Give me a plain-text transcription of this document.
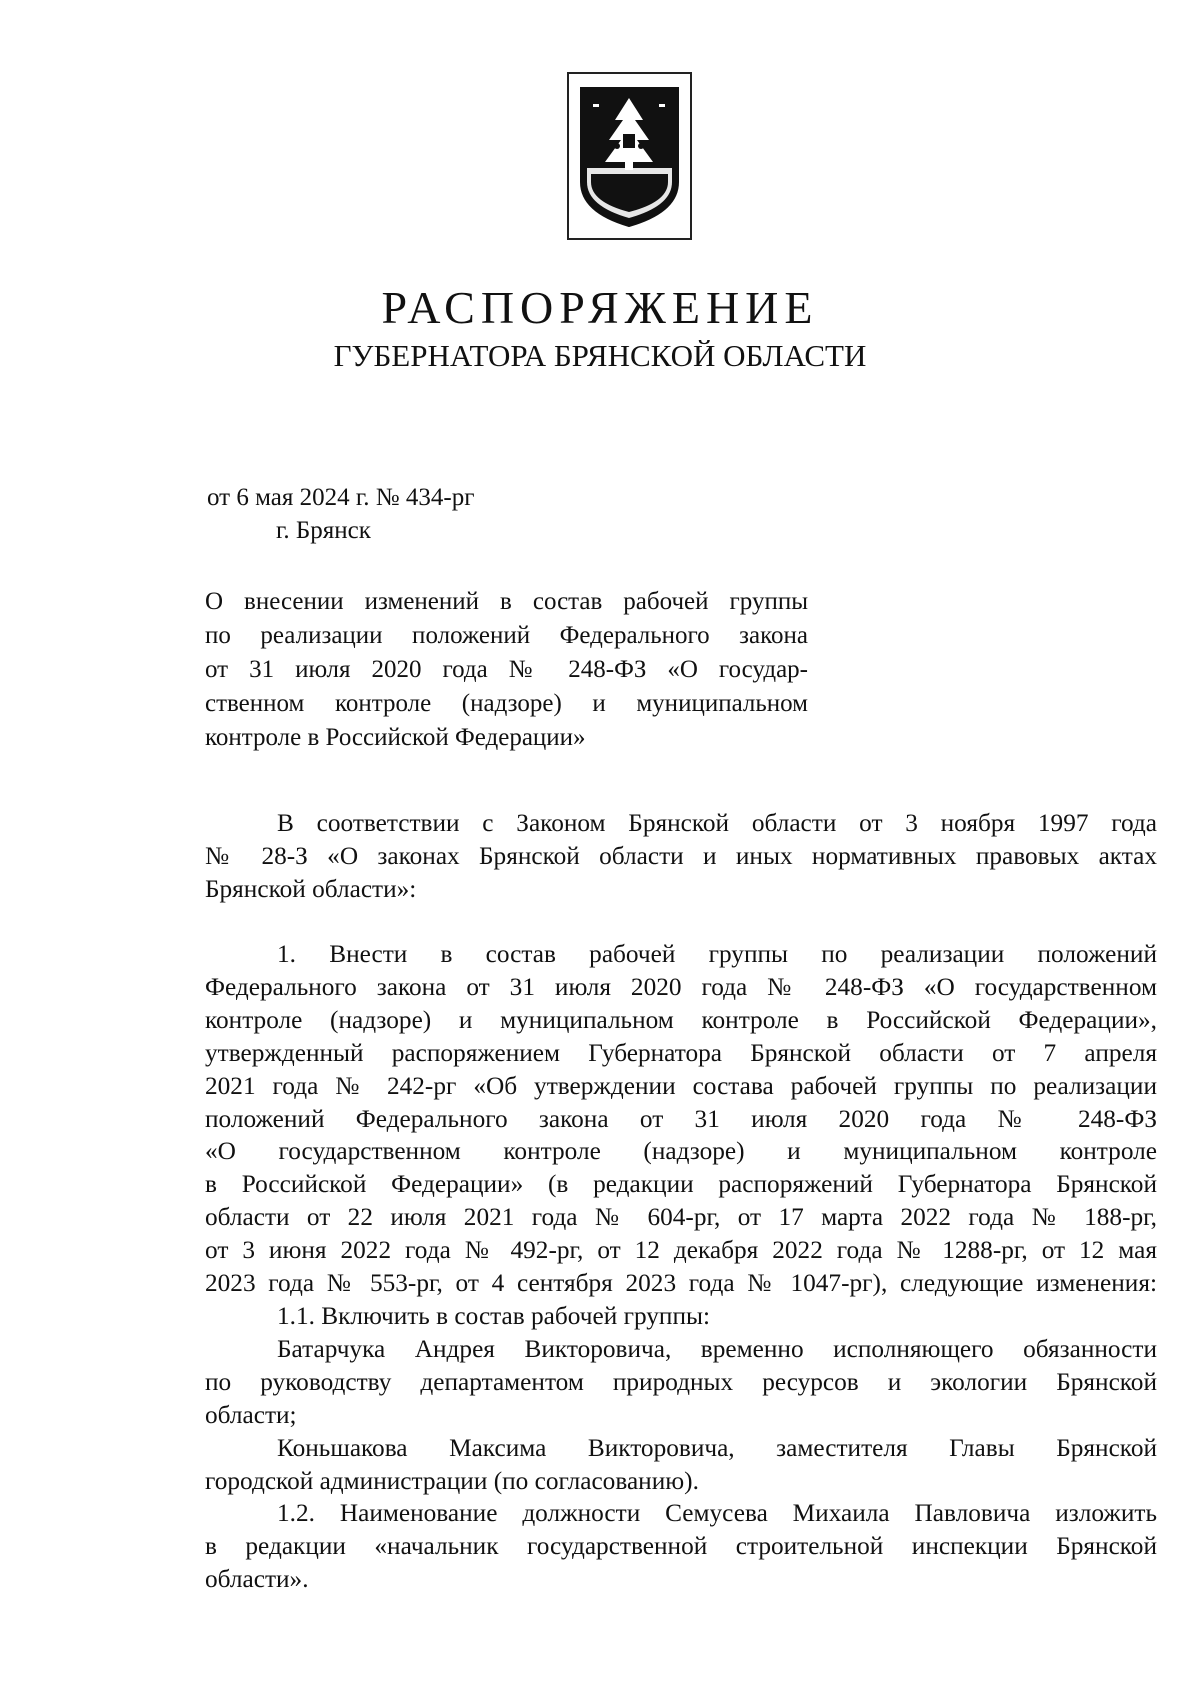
РАСПОРЯЖЕНИЕ
ГУБЕРНАТОРА БРЯНСКОЙ ОБЛАСТИ
от 6 мая 2024 г. № 434-рг
г. Брянск
О внесении изменений в состав рабочей группы
по реализации положений Федерального закона
от 31 июля 2020 года № 248-ФЗ «О государ-
ственном контроле (надзоре) и муниципальном
контроле в Российской Федерации»
В соответствии с Законом Брянской области от 3 ноября 1997 года
№ 28-З «О законах Брянской области и иных нормативных правовых актах
Брянской области»:
1. Внести в состав рабочей группы по реализации положений
Федерального закона от 31 июля 2020 года № 248-ФЗ «О государственном
контроле (надзоре) и муниципальном контроле в Российской Федерации»,
утвержденный распоряжением Губернатора Брянской области от 7 апреля
2021 года № 242-рг «Об утверждении состава рабочей группы по реализации
положений Федерального закона от 31 июля 2020 года № 248-ФЗ
«О государственном контроле (надзоре) и муниципальном контроле
в Российской Федерации» (в редакции распоряжений Губернатора Брянской
области от 22 июля 2021 года № 604-рг, от 17 марта 2022 года № 188-рг,
от 3 июня 2022 года № 492-рг, от 12 декабря 2022 года № 1288-рг, от 12 мая
2023 года № 553-рг, от 4 сентября 2023 года № 1047-рг), следующие изменения:
1.1. Включить в состав рабочей группы:
Батарчука Андрея Викторовича, временно исполняющего обязанности
по руководству департаментом природных ресурсов и экологии Брянской
области;
Коньшакова Максима Викторовича, заместителя Главы Брянской
городской администрации (по согласованию).
1.2. Наименование должности Семусева Михаила Павловича изложить
в редакции «начальник государственной строительной инспекции Брянской
области».
